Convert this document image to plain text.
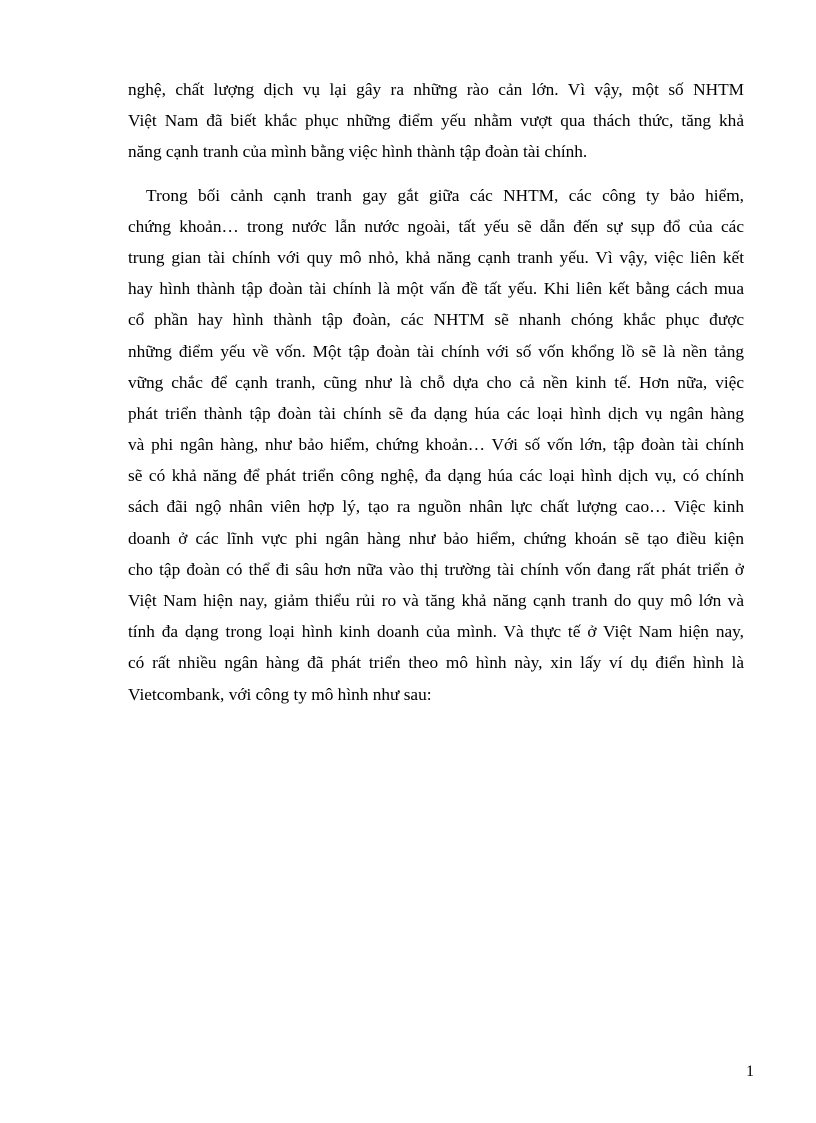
nghệ, chất lượng dịch vụ lại gây ra những rào cản lớn. Vì vậy, một số NHTM
Việt Nam đã biết khắc phục những điểm yếu nhằm vượt qua thách thức, tăng khả
năng cạnh tranh của mình bằng việc hình thành tập đoàn tài chính.
Trong bối cảnh cạnh tranh gay gắt giữa các NHTM, các công ty bảo hiểm,
chứng khoản… trong nước lẫn nước ngoài, tất yếu sẽ dẫn đến sự sụp đổ của các
trung gian tài chính với quy mô nhỏ, khả năng cạnh tranh yếu. Vì vậy, việc liên kết
hay hình thành tập đoàn tài chính là một vấn đề tất yếu. Khi liên kết bằng cách mua
cổ phần hay hình thành tập đoàn, các NHTM sẽ nhanh chóng khắc phục được
những điểm yếu về vốn. Một tập đoàn tài chính với số vốn khổng lồ sẽ là nền tảng
vững chắc để cạnh tranh, cũng như là chỗ dựa cho cả nền kinh tế. Hơn nữa, việc
phát triển thành tập đoàn tài chính sẽ đa dạng húa các loại hình dịch vụ ngân hàng
và phi ngân hàng, như bảo hiểm, chứng khoản… Với số vốn lớn, tập đoàn tài chính
sẽ có khả năng để phát triển công nghệ, đa dạng húa các loại hình dịch vụ, có chính
sách đãi ngộ nhân viên hợp lý, tạo ra nguồn nhân lực chất lượng cao… Việc kinh
doanh ở các lĩnh vực phi ngân hàng như bảo hiểm, chứng khoán sẽ tạo điều kiện
cho tập đoàn có thể đi sâu hơn nữa vào thị trường tài chính vốn đang rất phát triển ở
Việt Nam hiện nay, giảm thiểu rủi ro và tăng khả năng cạnh tranh do quy mô lớn và
tính đa dạng trong loại hình kinh doanh của mình. Và thực tế ở Việt Nam hiện nay,
có rất nhiều ngân hàng đã phát triển theo mô hình này, xin lấy ví dụ điển hình là
Vietcombank, với công ty mô hình như sau:
1
